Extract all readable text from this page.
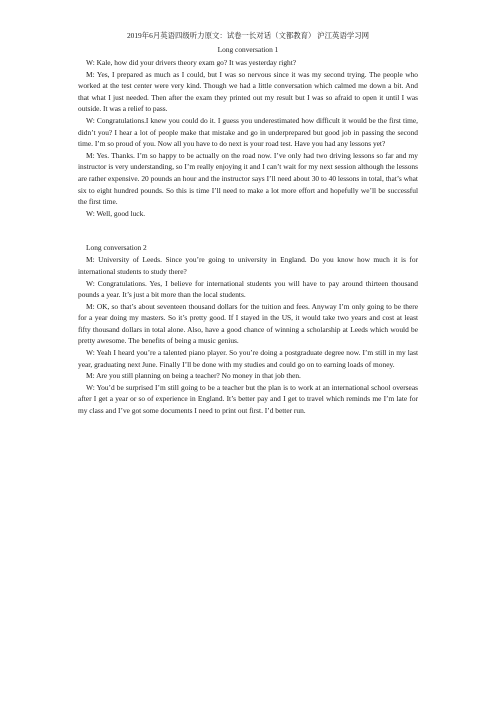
2019年6月英语四级听力原文：试卷一长对话（文都教育） 沪江英语学习网

Long conversation 1

W: Kale, how did your drivers theory exam go? It was yesterday right?

M: Yes, I prepared as much as I could, but I was so nervous since it was my second trying. The people who worked at the test center were very kind. Though we had a little conversation which calmed me down a bit. And that what I just needed. Then after the exam they printed out my result but I was so afraid to open it until I was outside. It was a relief to pass.

W: Congratulations.I knew you could do it. I guess you underestimated how difficult it would be the first time, didn’t you? I hear a lot of people make that mistake and go in underprepared but good job in passing the second time. I’m so proud of you. Now all you have to do next is your road test. Have you had any lessons yet?

M: Yes. Thanks. I’m so happy to be actually on the road now. I’ve only had two driving lessons so far and my instructor is very understanding, so I’m really enjoying it and I can’t wait for my next session although the lessons are rather expensive. 20 pounds an hour and the instructor says I’ll need about 30 to 40 lessons in total, that’s what six to eight hundred pounds. So this is time I’ll need to make a lot more effort and hopefully we’ll be successful the first time.

W: Well, good luck.

Long conversation 2

M: University of Leeds. Since you’re going to university in England. Do you know how much it is for international students to study there?

W: Congratulations. Yes, I believe for international students you will have to pay around thirteen thousand pounds a year. It’s just a bit more than the local students.

M: OK, so that’s about seventeen thousand dollars for the tuition and fees. Anyway I’m only going to be there for a year doing my masters. So it’s pretty good. If I stayed in the US, it would take two years and cost at least fifty thousand dollars in total alone. Also, have a good chance of winning a scholarship at Leeds which would be pretty awesome. The benefits of being a music genius.

W: Yeah I heard you’re a talented piano player. So you’re doing a postgraduate degree now. I’m still in my last year, graduating next June. Finally I’ll be done with my studies and could go on to earning loads of money.

M: Are you still planning on being a teacher? No money in that job then.

W: You’d be surprised I’m still going to be a teacher but the plan is to work at an international school overseas after I get a year or so of experience in England. It’s better pay and I get to travel which reminds me I’m late for my class and I’ve got some documents I need to print out first. I’d better run.
